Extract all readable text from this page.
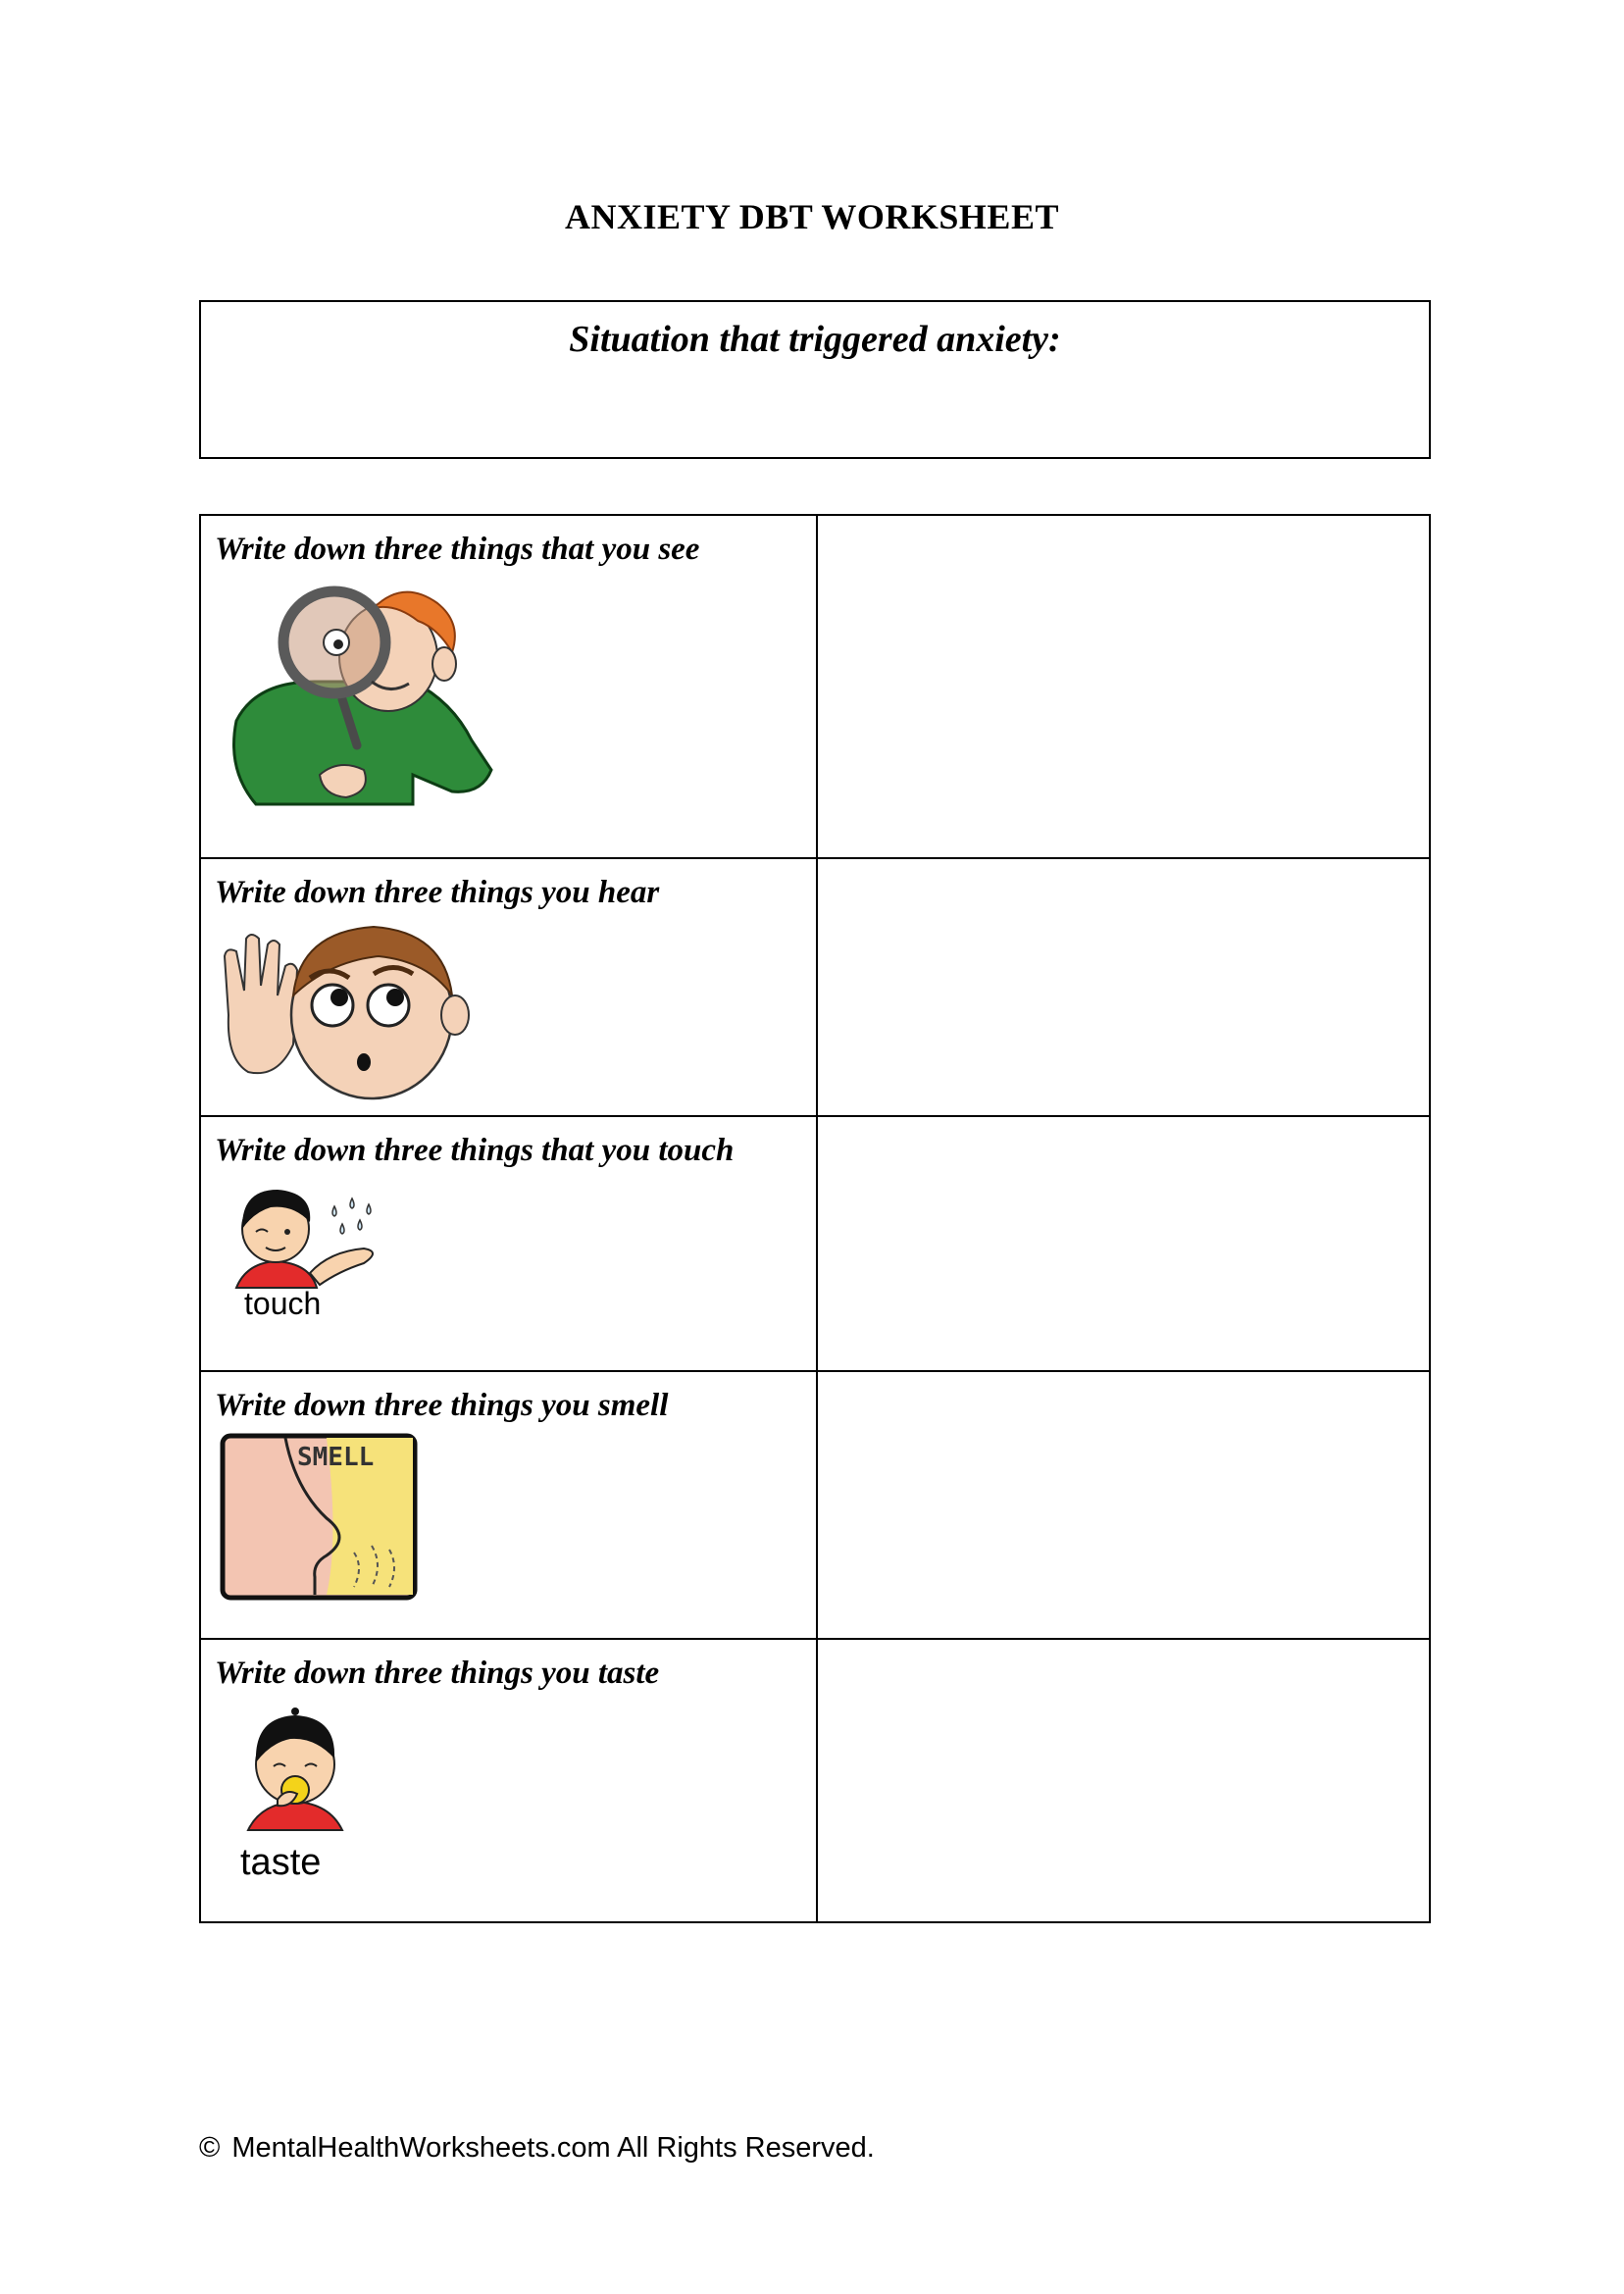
ANXIETY DBT WORKSHEET
Situation that triggered anxiety:
Write down three things that you see	

Write down three things you hear	

Write down three things that you touch
touch	

Write down three things you smell
SMELL	

Write down three things you taste
taste	

© MentalHealthWorksheets.com All Rights Reserved.
